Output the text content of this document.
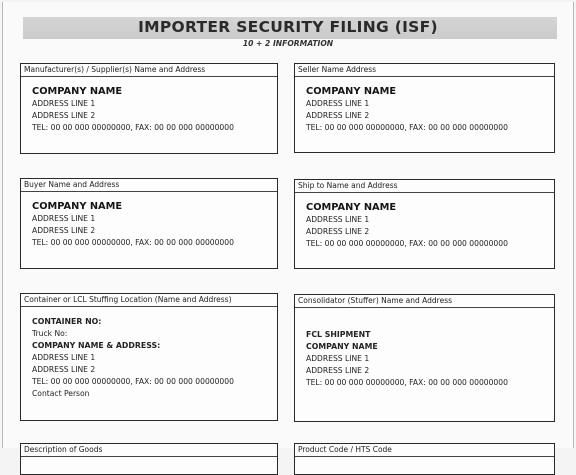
IMPORTER SECURITY FILING (ISF)
10 + 2 INFORMATION
Manufacturer(s) / Supplier(s) Name and Address
COMPANY NAME
ADDRESS LINE 1
ADDRESS LINE 2
TEL: 00 00 000 00000000, FAX: 00 00 000 00000000
Seller Name Address
COMPANY NAME
ADDRESS LINE 1
ADDRESS LINE 2
TEL: 00 00 000 00000000, FAX: 00 00 000 00000000
Buyer Name and Address
COMPANY NAME
ADDRESS LINE 1
ADDRESS LINE 2
TEL: 00 00 000 00000000, FAX: 00 00 000 00000000
Ship to Name and Address
COMPANY NAME
ADDRESS LINE 1
ADDRESS LINE 2
TEL: 00 00 000 00000000, FAX: 00 00 000 00000000
Container or LCL Stuffing Location (Name and Address)
CONTAINER NO:
Truck No:
COMPANY NAME & ADDRESS:
ADDRESS LINE 1
ADDRESS LINE 2
TEL: 00 00 000 00000000, FAX: 00 00 000 00000000
Contact Person
Consolidator (Stuffer) Name and Address
FCL SHIPMENT
COMPANY NAME
ADDRESS LINE 1
ADDRESS LINE 2
TEL: 00 00 000 00000000, FAX: 00 00 000 00000000
Description of Goods	Product Code / HTS Code
